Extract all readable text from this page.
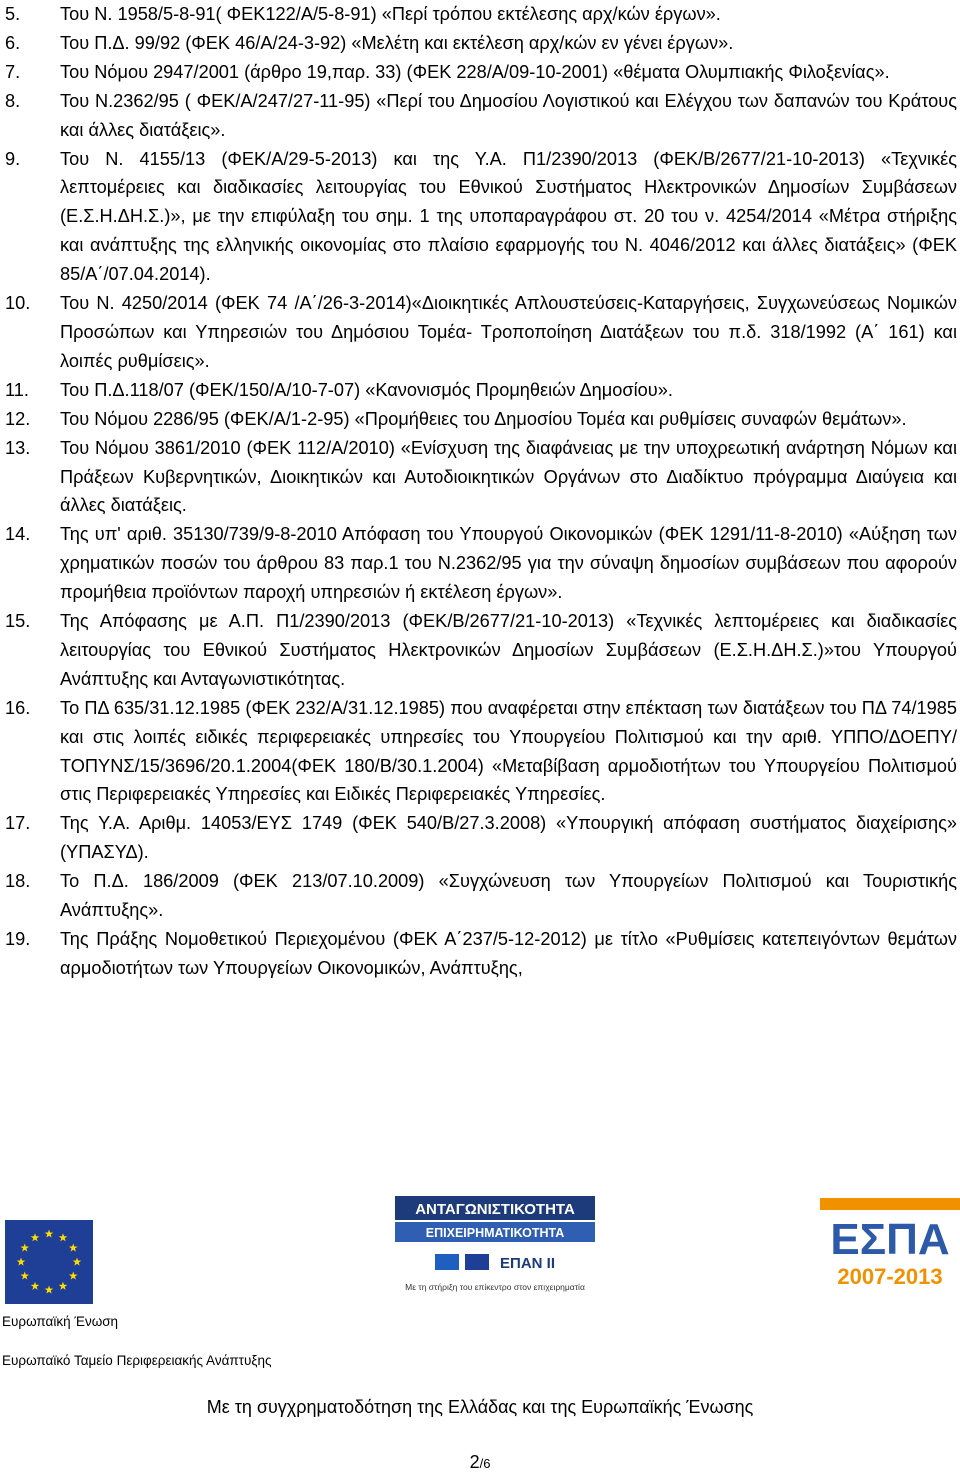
5.	Του Ν. 1958/5-8-91( ΦΕΚ122/Α/5-8-91) «Περί τρόπου εκτέλεσης αρχ/κών έργων».
6.	Του Π.Δ. 99/92 (ΦΕΚ 46/Α/24-3-92) «Μελέτη και εκτέλεση αρχ/κών εν γένει έργων».
7.	Του Νόμου 2947/2001 (άρθρο 19,παρ. 33) (ΦΕΚ 228/Α/09-10-2001) «θέματα Ολυμπιακής Φιλοξενίας».
8.	Του Ν.2362/95 ( ΦΕΚ/Α/247/27-11-95) «Περί του Δημοσίου Λογιστικού και Ελέγχου των δαπανών του Κράτους και άλλες διατάξεις».
9.	Του Ν. 4155/13 (ΦΕΚ/Α/29-5-2013) και της Υ.Α. Π1/2390/2013 (ΦΕΚ/Β/2677/21-10-2013) «Τεχνικές λεπτομέρειες και διαδικασίες λειτουργίας του Εθνικού Συστήματος Ηλεκτρονικών Δημοσίων Συμβάσεων (Ε.Σ.Η.ΔΗ.Σ.)», με την επιφύλαξη του σημ. 1 της υποπαραγράφου στ. 20 του ν. 4254/2014 «Μέτρα στήριξης και ανάπτυξης της ελληνικής οικονομίας στο πλαίσιο εφαρμογής του Ν. 4046/2012 και άλλες διατάξεις» (ΦΕΚ 85/Α΄/07.04.2014).
10.	Του Ν. 4250/2014 (ΦΕΚ 74 /Α΄/26-3-2014)«Διοικητικές Απλουστεύσεις-Καταργήσεις, Συγχωνεύσεως Νομικών Προσώπων και Υπηρεσιών του Δημόσιου Τομέα- Τροποποίηση Διατάξεων του π.δ. 318/1992 (Α΄ 161) και λοιπές ρυθμίσεις».
11.	Του Π.Δ.118/07 (ΦΕΚ/150/Α/10-7-07) «Κανονισμός Προμηθειών Δημοσίου».
12.	Του Νόμου 2286/95 (ΦΕΚ/Α/1-2-95) «Προμήθειες του Δημοσίου Τομέα και ρυθμίσεις συναφών θεμάτων».
13.	Του Νόμου 3861/2010 (ΦΕΚ 112/Α/2010) «Ενίσχυση της διαφάνειας με την υποχρεωτική ανάρτηση Νόμων και Πράξεων Κυβερνητικών, Διοικητικών και Αυτοδιοικητικών Οργάνων στο Διαδίκτυο πρόγραμμα Διαύγεια και άλλες διατάξεις.
14.	Της υπ' αριθ. 35130/739/9-8-2010 Απόφαση του Υπουργού Οικονομικών (ΦΕΚ 1291/11-8-2010) «Αύξηση των χρηματικών ποσών του άρθρου 83 παρ.1 του Ν.2362/95 για την σύναψη δημοσίων συμβάσεων που αφορούν προμήθεια προϊόντων παροχή υπηρεσιών ή εκτέλεση έργων».
15.	Της Απόφασης με Α.Π. Π1/2390/2013 (ΦΕΚ/Β/2677/21-10-2013) «Τεχνικές λεπτομέρειες και διαδικασίες λειτουργίας του Εθνικού Συστήματος Ηλεκτρονικών Δημοσίων Συμβάσεων (Ε.Σ.Η.ΔΗ.Σ.)»του Υπουργού Ανάπτυξης και Ανταγωνιστικότητας.
16.	Το ΠΔ 635/31.12.1985 (ΦΕΚ 232/Α/31.12.1985) που αναφέρεται στην επέκταση των διατάξεων του ΠΔ 74/1985 και στις λοιπές ειδικές περιφερειακές υπηρεσίες του Υπουργείου Πολιτισμού και την αριθ. ΥΠΠΟ/ΔΟΕΠΥ/ΤΟΠΥΝΣ/15/3696/20.1.2004(ΦΕΚ 180/Β/30.1.2004) «Μεταβίβαση αρμοδιοτήτων του Υπουργείου Πολιτισμού στις Περιφερειακές Υπηρεσίες και Ειδικές Περιφερειακές Υπηρεσίες.
17.	Της Υ.Α. Αριθμ. 14053/ΕΥΣ 1749 (ΦΕΚ 540/Β/27.3.2008) «Υπουργική απόφαση συστήματος διαχείρισης» (ΥΠΑΣΥΔ).
18.	Το Π.Δ. 186/2009 (ΦΕΚ 213/07.10.2009) «Συγχώνευση των Υπουργείων Πολιτισμού και Τουριστικής Ανάπτυξης».
19.	Της Πράξης Νομοθετικού Περιεχομένου (ΦΕΚ Α΄237/5-12-2012) με τίτλο «Ρυθμίσεις κατεπειγόντων θεμάτων αρμοδιοτήτων των Υπουργείων Οικονομικών, Ανάπτυξης,
Ευρωπαϊκή Ένωση
Ευρωπαϊκό Ταμείο Περιφερειακής Ανάπτυξης
ΑΝΤΑΓΩΝΙΣΤΙΚΟΤΗΤΑ
ΕΠΙΧΕΙΡΗΜΑΤΙΚΟΤΗΤΑ
ΕΠΑΝ ΙΙ
Με τη στήριξη του επίκεντρο στον επιχειρηματία
ΕΣΠΑ
2007-2013
Με τη συγχρηματοδότηση της Ελλάδας και της Ευρωπαϊκής Ένωσης
2/6
